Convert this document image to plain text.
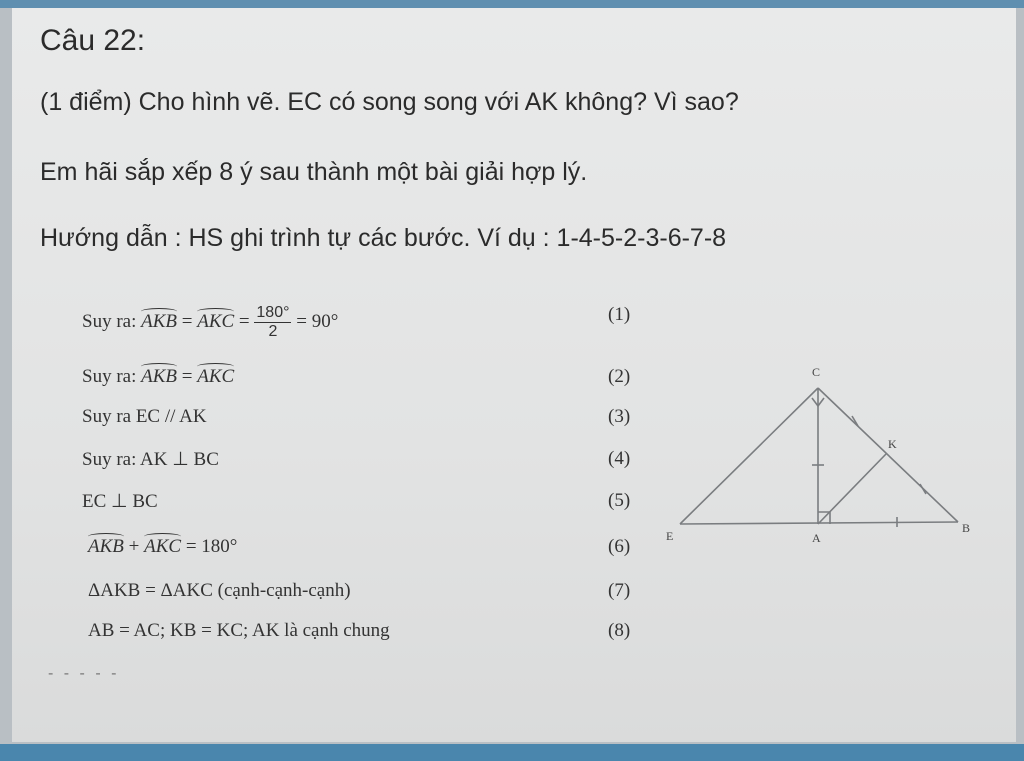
Câu 22:
(1 điểm) Cho hình vẽ. EC có song song với AK không? Vì sao?
Em hãi sắp xếp 8 ý sau thành một bài giải hợp lý.
Hướng dẫn : HS ghi trình tự các bước. Ví dụ : 1-4-5-2-3-6-7-8
Suy ra: AKB = AKC = $\frac{180^\circ}{2} = 90^\circ$	(1)
Suy ra: AKB = AKC	(2)
Suy ra EC // AK	(3)
Suy ra: AK ⊥ BC	(4)
EC ⊥ BC	(5)
AKB + AKC = 180°	(6)
ΔAKB = ΔAKC (cạnh-cạnh-cạnh)	(7)
AB = AC; KB = KC; AK là cạnh chung	(8)
C
K
B
A
E
- - - - -
